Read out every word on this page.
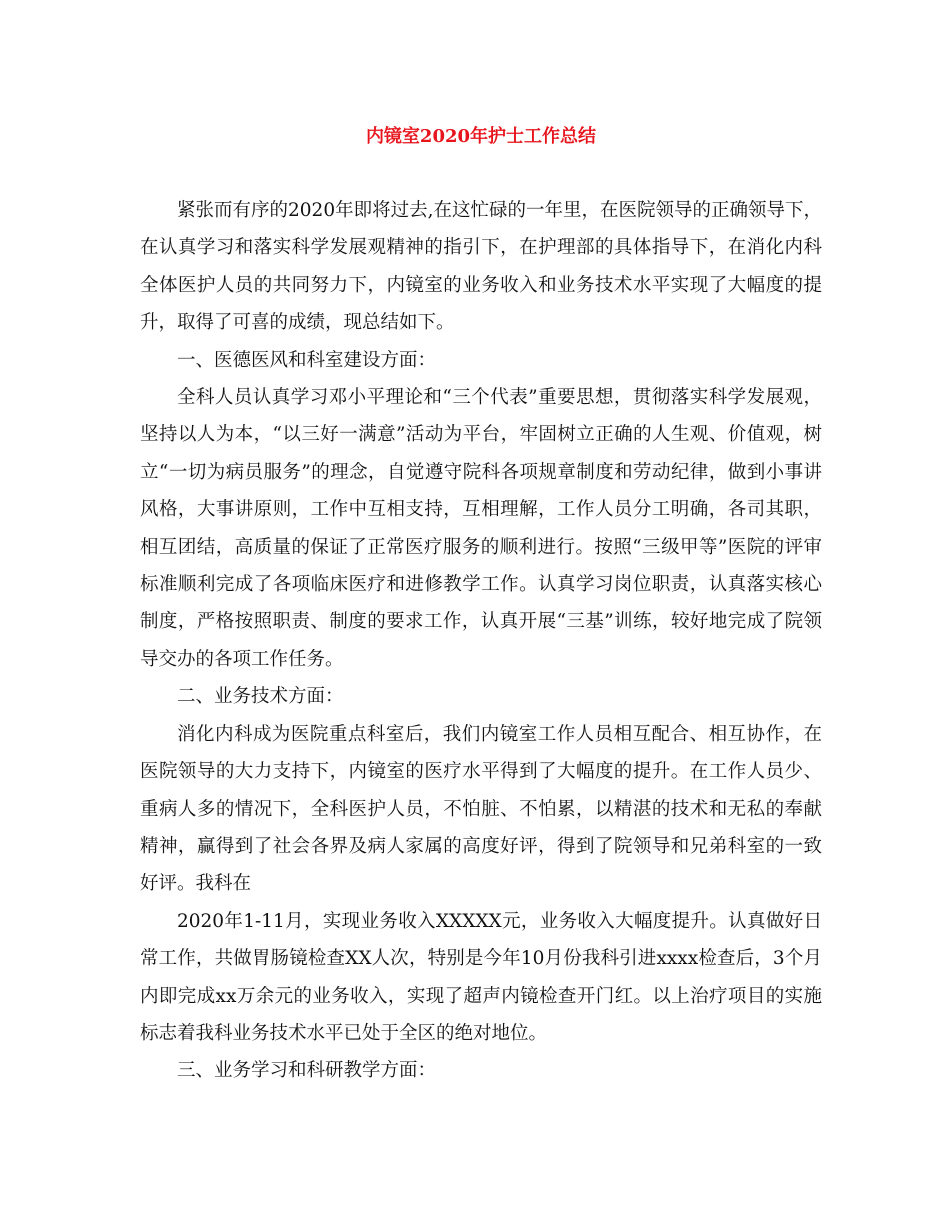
内镜室2020年护士工作总结

紧张而有序的2020年即将过去,在这忙碌的一年里，在医院领导的正确领导下，在认真学习和落实科学发展观精神的指引下，在护理部的具体指导下，在消化内科全体医护人员的共同努力下，内镜室的业务收入和业务技术水平实现了大幅度的提升，取得了可喜的成绩，现总结如下。

一、医德医风和科室建设方面：

全科人员认真学习邓小平理论和“三个代表”重要思想，贯彻落实科学发展观，坚持以人为本，“以三好一满意”活动为平台，牢固树立正确的人生观、价值观，树立“一切为病员服务”的理念，自觉遵守院科各项规章制度和劳动纪律，做到小事讲风格，大事讲原则，工作中互相支持，互相理解，工作人员分工明确，各司其职，相互团结，高质量的保证了正常医疗服务的顺利进行。按照“三级甲等”医院的评审标准顺利完成了各项临床医疗和进修教学工作。认真学习岗位职责，认真落实核心制度，严格按照职责、制度的要求工作，认真开展“三基”训练，较好地完成了院领导交办的各项工作任务。

二、业务技术方面：

消化内科成为医院重点科室后，我们内镜室工作人员相互配合、相互协作，在医院领导的大力支持下，内镜室的医疗水平得到了大幅度的提升。在工作人员少、重病人多的情况下，全科医护人员，不怕脏、不怕累，以精湛的技术和无私的奉献精神，赢得到了社会各界及病人家属的高度好评，得到了院领导和兄弟科室的一致好评。我科在

2020年1-11月，实现业务收入XXXXX元，业务收入大幅度提升。认真做好日常工作，共做胃肠镜检查XX人次，特别是今年10月份我科引进xxxx检查后，3个月内即完成xx万余元的业务收入，实现了超声内镜检查开门红。以上治疗项目的实施标志着我科业务技术水平已处于全区的绝对地位。

三、业务学习和科研教学方面：
